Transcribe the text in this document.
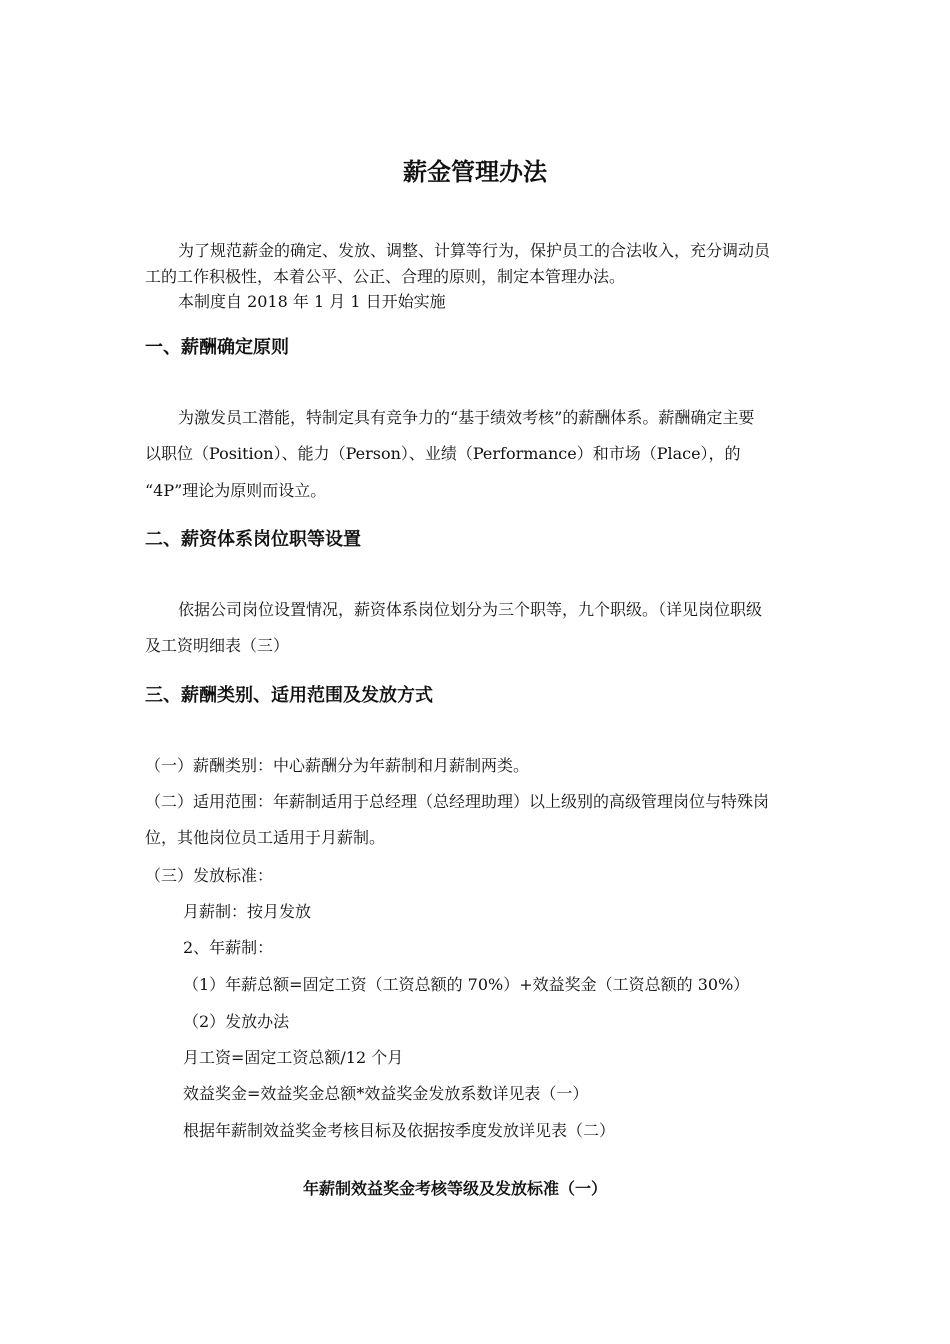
薪金管理办法

为了规范薪金的确定、发放、调整、计算等行为，保护员工的合法收入，充分调动员

工的工作积极性，本着公平、公正、合理的原则，制定本管理办法。

本制度自 2018 年 1 月 1 日开始实施

一、薪酬确定原则

为激发员工潜能，特制定具有竞争力的“基于绩效考核”的薪酬体系。薪酬确定主要

以职位（Position）、能力（Person）、业绩（Performance）和市场（Place），的

“4P”理论为原则而设立。

二、薪资体系岗位职等设置

依据公司岗位设置情况，薪资体系岗位划分为三个职等，九个职级。（详见岗位职级

及工资明细表（三）

三、薪酬类别、适用范围及发放方式

（一）薪酬类别：中心薪酬分为年薪制和月薪制两类。

（二）适用范围：年薪制适用于总经理（总经理助理）以上级别的高级管理岗位与特殊岗

位，其他岗位员工适用于月薪制。

（三）发放标准：

月薪制：按月发放

2、年薪制：

（1）年薪总额=固定工资（工资总额的 70%）+效益奖金（工资总额的 30%）

（2）发放办法

月工资=固定工资总额/12 个月

效益奖金=效益奖金总额*效益奖金发放系数详见表（一）

根据年薪制效益奖金考核目标及依据按季度发放详见表（二）

年薪制效益奖金考核等级及发放标准（一）
